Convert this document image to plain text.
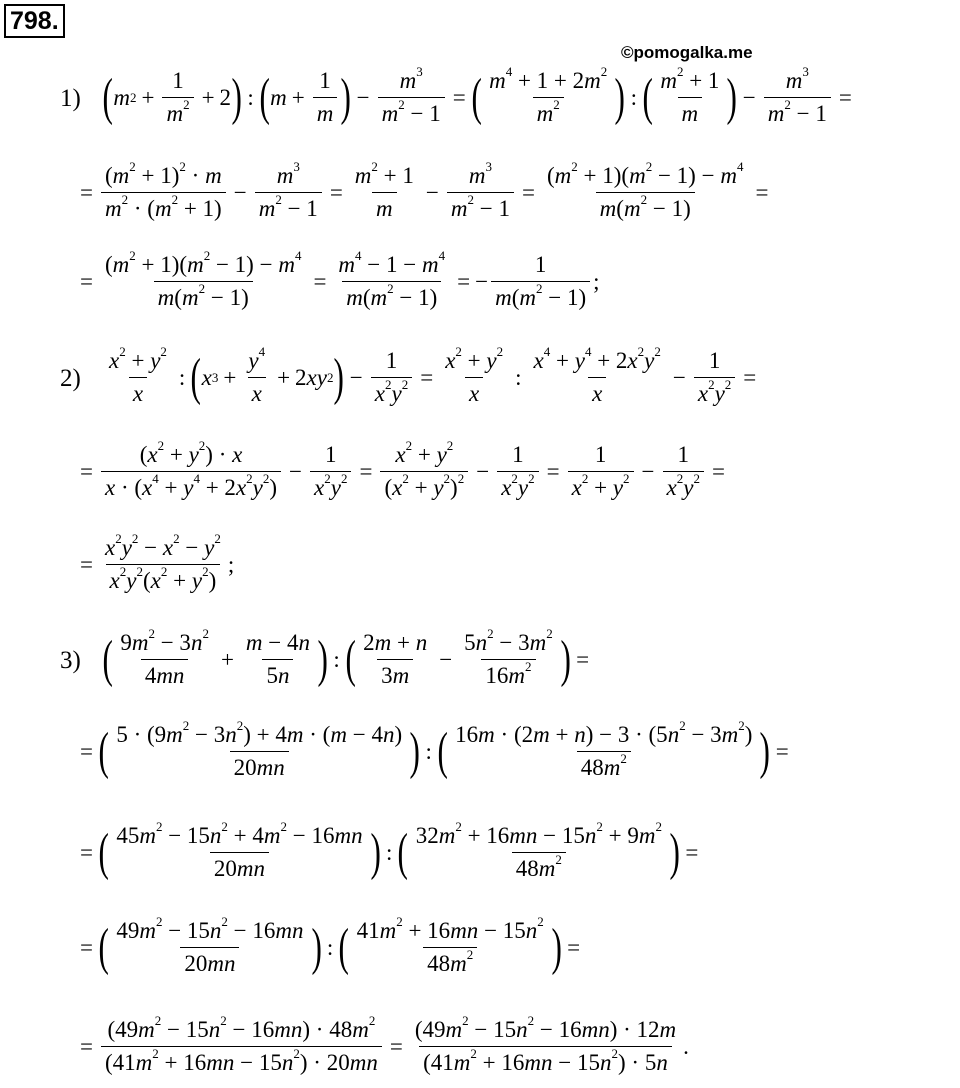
798.
©pomogalka.me
1) ( m $2 + \frac{1}{m^2} + 2$ ) : ( $m + \frac{1}{m}$ ) − $\frac{m^3}{m^2 - 1}$ = ( $\frac{m^4 + 1 + 2m^2}{m^2}$ ) : ( $\frac{m^2 + 1}{m}$ ) − $\frac{m^3}{m^2 - 1}$ =
= $\frac{(m^2 + 1)^2 \cdot m}{m^2 \cdot (m^2 + 1)} - \frac{m^3}{m^2 - 1} = \frac{m^2 + 1}{m} - \frac{m^3}{m^2 - 1} = \frac{(m^2 + 1)(m^2 - 1) - m^4}{m(m^2 - 1)}$ =
= $\frac{(m^2 + 1)(m^2 - 1) - m^4}{m(m^2 - 1)} = \frac{m^4 - 1 - m^4}{m(m^2 - 1)}$ = − $\frac{1}{m(m^2 - 1)}$ ;
$2) \frac{x^2 + y^2}{x}$ : ( x $3 + \frac{y^4}{x} + 2$ xy 2 ) − $\frac{1}{x^2y^2} = \frac{x^2 + y^2}{x}$ : $\frac{x^4 + y^4 + 2x^2y^2}{x} - \frac{1}{x^2y^2}$ =
= $\frac{(x^2 + y^2) \cdot x}{x \cdot (x^4 + y^4 + 2x^2y^2)} - \frac{1}{x^2y^2} = \frac{x^2 + y^2}{(x^2 + y^2)^2} - \frac{1}{x^2y^2} = \frac{1}{x^2 + y^2} - \frac{1}{x^2y^2}$ =
= $\frac{x^2y^2 - x^2 - y^2}{x^2y^2(x^2 + y^2)}$ ;
3) ( $\frac{9m^2 - 3n^2}{4mn} + \frac{m - 4n}{5n}$ ) : ( $\frac{2m + n}{3m} - \frac{5n^2 - 3m^2}{16m^2}$ ) =
= ( $\frac{5 \cdot (9m^2 - 3n^2) + 4m \cdot (m - 4n)}{20mn}$ ) : ( $\frac{16m \cdot (2m + n) - 3 \cdot (5n^2 - 3m^2)}{48m^2}$ ) =
= ( $\frac{45m^2 - 15n^2 + 4m^2 - 16mn}{20mn}$ ) : ( $\frac{32m^2 + 16mn - 15n^2 + 9m^2}{48m^2}$ ) =
= ( $\frac{49m^2 - 15n^2 - 16mn}{20mn}$ ) : ( $\frac{41m^2 + 16mn - 15n^2}{48m^2}$ ) =
= $\frac{(49m^2 - 15n^2 - 16mn) \cdot 48m^2}{(41m^2 + 16mn - 15n^2) \cdot 20mn} = \frac{(49m^2 - 15n^2 - 16mn) \cdot 12m}{(41m^2 + 16mn - 15n^2) \cdot 5n}$ .
